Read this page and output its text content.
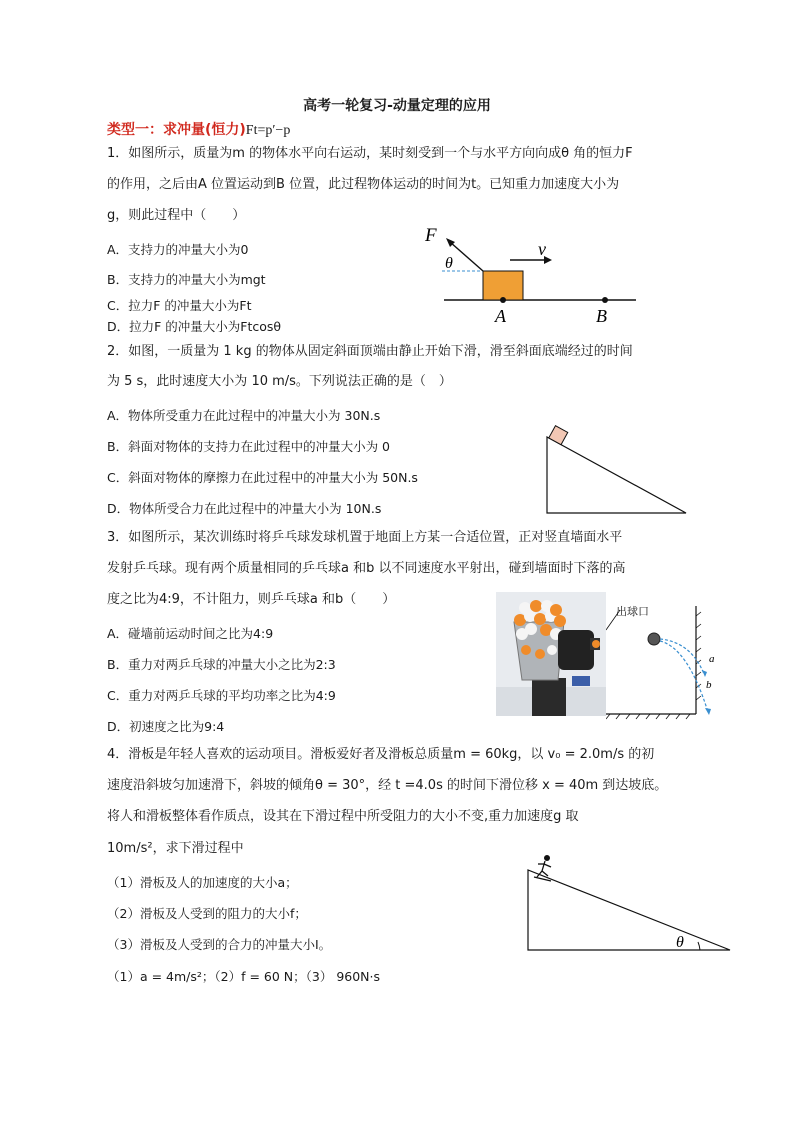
高考一轮复习-动量定理的应用
类型一：求冲量(恒力)Ft=p′−p
1．如图所示，质量为m 的物体水平向右运动，某时刻受到一个与水平方向向成θ 角的恒力F
的作用，之后由A 位置运动到B 位置，此过程物体运动的时间为t。已知重力加速度大小为
g，则此过程中（　　）
A．支持力的冲量大小为0
B．支持力的冲量大小为mgt
C．拉力F 的冲量大小为Ft
D．拉力F 的冲量大小为Ftcosθ
F
v
θ
A	B
2．如图，一质量为 1 kg 的物体从固定斜面顶端由静止开始下滑，滑至斜面底端经过的时间
为 5 s，此时速度大小为 10 m/s。下列说法正确的是（　）
A．物体所受重力在此过程中的冲量大小为 30N.s
B．斜面对物体的支持力在此过程中的冲量大小为 0
C．斜面对物体的摩擦力在此过程中的冲量大小为 50N.s
D．物体所受合力在此过程中的冲量大小为 10N.s
3．如图所示，某次训练时将乒乓球发球机置于地面上方某一合适位置，正对竖直墙面水平
发射乒乓球。现有两个质量相同的乒乓球a 和b 以不同速度水平射出，碰到墙面时下落的高
度之比为4:9，不计阻力，则乒乓球a 和b（　　）
A．碰墙前运动时间之比为4:9
B．重力对两乒乓球的冲量大小之比为2:3
C．重力对两乒乓球的平均功率之比为4:9
D．初速度之比为9:4
a
b
出球口
4．滑板是年轻人喜欢的运动项目。滑板爱好者及滑板总质量m = 60kg，以 v₀ = 2.0m/s 的初
速度沿斜坡匀加速滑下，斜坡的倾角θ = 30°，经 t =4.0s 的时间下滑位移 x = 40m 到达坡底。
将人和滑板整体看作质点，设其在下滑过程中所受阻力的大小不变,重力加速度g 取
10m/s²，求下滑过程中
（1）滑板及人的加速度的大小a；
（2）滑板及人受到的阻力的大小f；
（3）滑板及人受到的合力的冲量大小I。
（1）a = 4m/s²；（2）f = 60 N；（3） 960N·s
θ
